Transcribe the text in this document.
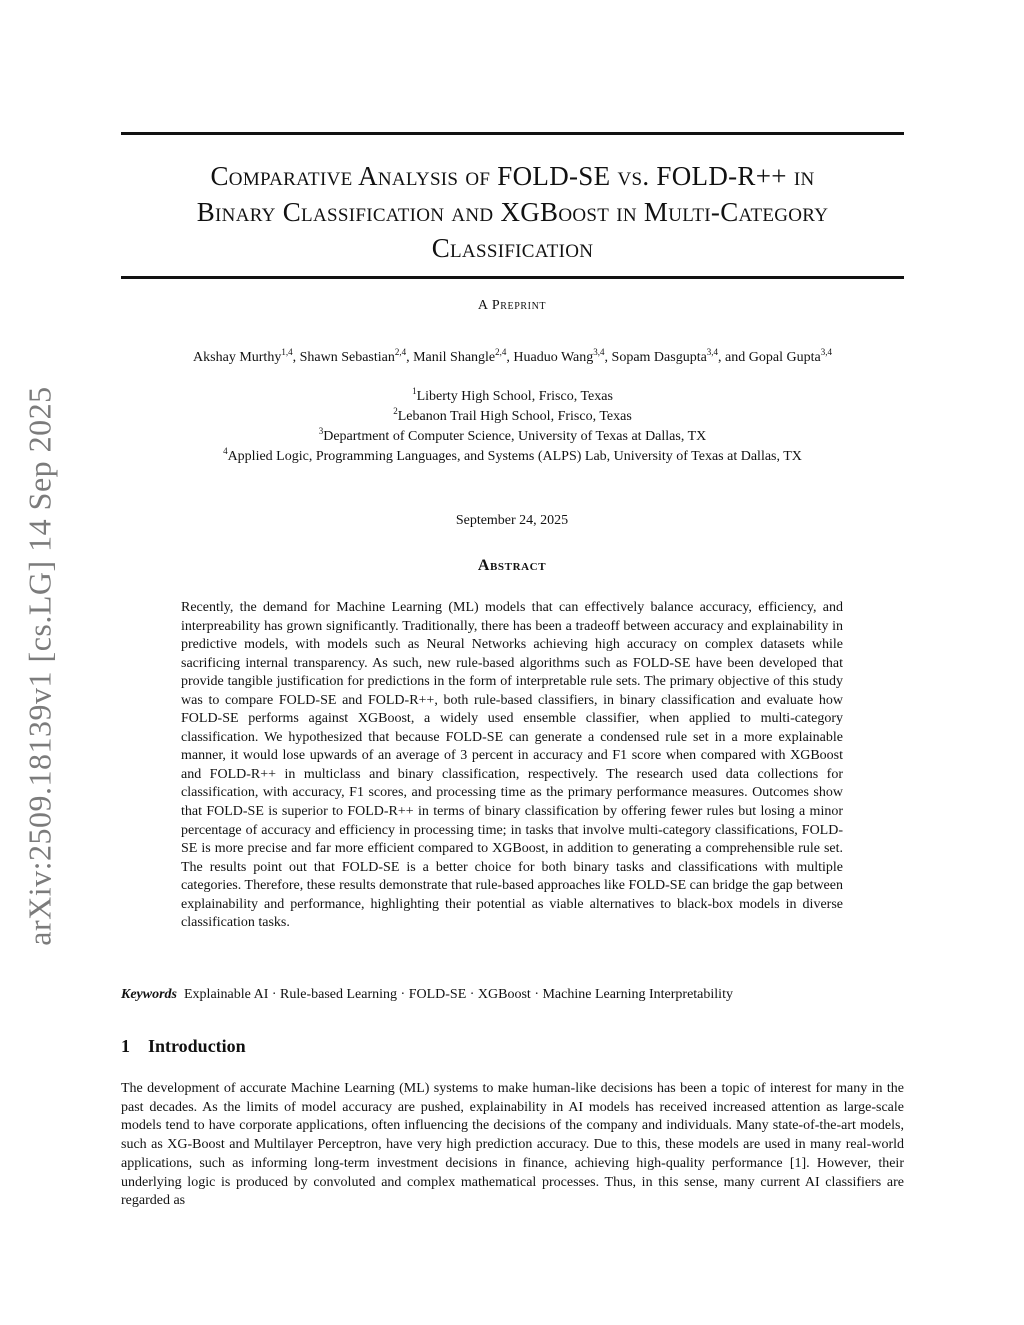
arXiv:2509.18139v1 [cs.LG] 14 Sep 2025
Comparative Analysis of FOLD-SE vs. FOLD-R++ in
Binary Classification and XGBoost in Multi-Category
Classification
A Preprint
Akshay Murthy$^{1,4}$, Shawn Sebastian$^{2,4}$, Manil Shangle$^{2,4}$, Huaduo Wang$^{3,4}$, Sopam Dasgupta$^{3,4}$, and Gopal Gupta$^{3,4}$
$^1$Liberty High School, Frisco, Texas
$^2$Lebanon Trail High School, Frisco, Texas
$^3$Department of Computer Science, University of Texas at Dallas, TX
$^4$Applied Logic, Programming Languages, and Systems (ALPS) Lab, University of Texas at Dallas, TX
September 24, 2025
Abstract
Recently, the demand for Machine Learning (ML) models that can effectively balance accuracy, efficiency, and interpreability has grown significantly. Traditionally, there has been a tradeoff between accuracy and explainability in predictive models, with models such as Neural Networks achieving high accuracy on complex datasets while sacrificing internal transparency. As such, new rule-based algorithms such as FOLD-SE have been developed that provide tangible justification for predictions in the form of interpretable rule sets. The primary objective of this study was to compare FOLD-SE and FOLD-R++, both rule-based classifiers, in binary classification and evaluate how FOLD-SE performs against XGBoost, a widely used ensemble classifier, when applied to multi-category classification. We hypothesized that because FOLD-SE can generate a condensed rule set in a more explainable manner, it would lose upwards of an average of 3 percent in accuracy and F1 score when compared with XGBoost and FOLD-R++ in multiclass and binary classification, respectively. The research used data collections for classification, with accuracy, F1 scores, and processing time as the primary performance measures. Outcomes show that FOLD-SE is superior to FOLD-R++ in terms of binary classification by offering fewer rules but losing a minor percentage of accuracy and efficiency in processing time; in tasks that involve multi-category classifications, FOLD-SE is more precise and far more efficient compared to XGBoost, in addition to generating a comprehensible rule set. The results point out that FOLD-SE is a better choice for both binary tasks and classifications with multiple categories. Therefore, these results demonstrate that rule-based approaches like FOLD-SE can bridge the gap between explainability and performance, highlighting their potential as viable alternatives to black-box models in diverse classification tasks.
Keywords Explainable AI · Rule-based Learning · FOLD-SE · XGBoost · Machine Learning Interpretability
1 Introduction
The development of accurate Machine Learning (ML) systems to make human-like decisions has been a topic of interest for many in the past decades. As the limits of model accuracy are pushed, explainability in AI models has received increased attention as large-scale models tend to have corporate applications, often influencing the decisions of the company and individuals. Many state-of-the-art models, such as XG-Boost and Multilayer Perceptron, have very high prediction accuracy. Due to this, these models are used in many real-world applications, such as informing long-term investment decisions in finance, achieving high-quality performance [1]. However, their underlying logic is produced by convoluted and complex mathematical processes. Thus, in this sense, many current AI classifiers are regarded as
